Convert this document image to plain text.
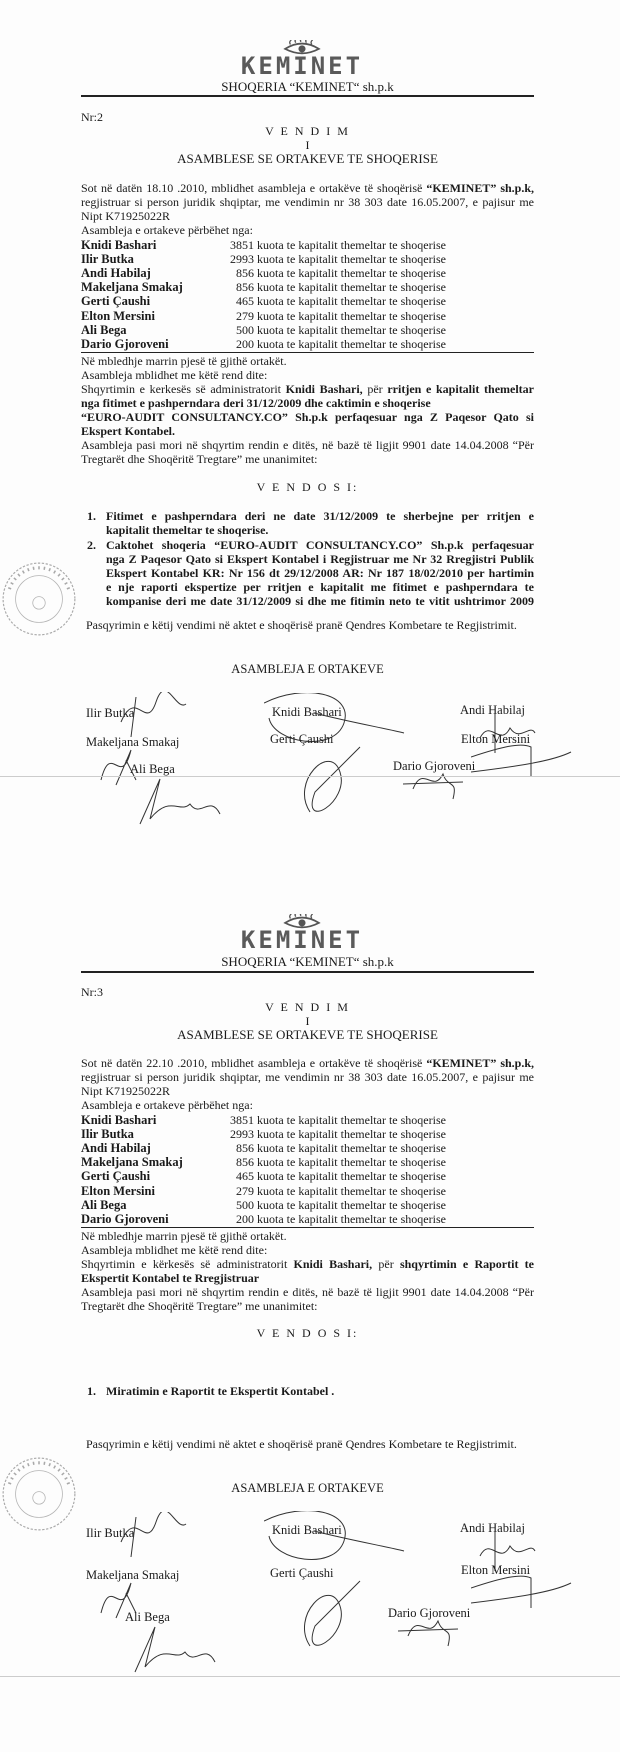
KEMINET
SHOQERIA “KEMINET“ sh.p.k
Nr:2
V E N D I M
I
ASAMBLESE SE ORTAKEVE TE SHOQERISE
Sot në datën 18.10 .2010, mblidhet asambleja e ortakëve të shoqërisë “KEMINET” sh.p.k,
regjistruar si person juridik shqiptar, me vendimin nr 38 303 date 16.05.2007, e pajisur me
Nipt K71925022R
Asambleja e ortakeve përbëhet nga:
Knidi Bashari	3851 kuota te kapitalit themeltar te shoqerise
Ilir Butka	2993 kuota te kapitalit themeltar te shoqerise
Andi Habilaj	856 kuota te kapitalit themeltar te shoqerise
Makeljana Smakaj	856 kuota te kapitalit themeltar te shoqerise
Gerti Çaushi	465 kuota te kapitalit themeltar te shoqerise
Elton Mersini	279 kuota te kapitalit themeltar te shoqerise
Ali Bega	500 kuota te kapitalit themeltar te shoqerise
Dario Gjoroveni	200 kuota te kapitalit themeltar te shoqerise
Në mbledhje marrin pjesë të gjithë ortakët.
Asambleja mblidhet me këtë rend dite:
Shqyrtimin e kerkesës së administratorit Knidi Bashari, për rritjen e kapitalit themeltar
nga fitimet e pashperndara deri 31/12/2009 dhe caktimin e shoqerise
“EURO-AUDIT CONSULTANCY.CO” Sh.p.k perfaqesuar nga Z Paqesor Qato si
Ekspert Kontabel.
Asambleja pasi mori në shqyrtim rendin e ditës, në bazë të ligjit 9901 date 14.04.2008 “Për
Tregtarët dhe Shoqëritë Tregtare” me unanimitet:
V E N D O S I:
1. Fitimet e pashperndara deri ne date 31/12/2009 te sherbejne per rritjen e
kapitalit themeltar te shoqerise.
2. Caktohet shoqeria “EURO-AUDIT CONSULTANCY.CO” Sh.p.k perfaqesuar
nga Z Paqesor Qato si Ekspert Kontabel i Regjistruar me Nr 32 Rregjistri Publik
Ekspert Kontabel KR: Nr 156 dt 29/12/2008 AR: Nr 187 18/02/2010 per hartimin
e nje raporti ekspertize per rritjen e kapitalit me fitimet e pashperndara te
kompanise deri me date 31/12/2009 si dhe me fitimin neto te vitit ushtrimor 2009
Pasqyrimin e këtij vendimi në aktet e shoqërisë pranë Qendres Kombetare te Regjistrimit.
ASAMBLEJA E ORTAKEVE
Ilir Butka	Knidi Bashari	Andi Habilaj
Makeljana Smakaj	Gerti Çaushi	Elton Mersini
Ali Bega	Dario Gjoroveni
KEMINET
SHOQERIA “KEMINET“ sh.p.k
Nr:3
V E N D I M
I
ASAMBLESE SE ORTAKEVE TE SHOQERISE
Sot në datën 22.10 .2010, mblidhet asambleja e ortakëve të shoqërisë “KEMINET” sh.p.k,
regjistruar si person juridik shqiptar, me vendimin nr 38 303 date 16.05.2007, e pajisur me
Nipt K71925022R
Asambleja e ortakeve përbëhet nga:
Knidi Bashari	3851 kuota te kapitalit themeltar te shoqerise
Ilir Butka	2993 kuota te kapitalit themeltar te shoqerise
Andi Habilaj	856 kuota te kapitalit themeltar te shoqerise
Makeljana Smakaj	856 kuota te kapitalit themeltar te shoqerise
Gerti Çaushi	465 kuota te kapitalit themeltar te shoqerise
Elton Mersini	279 kuota te kapitalit themeltar te shoqerise
Ali Bega	500 kuota te kapitalit themeltar te shoqerise
Dario Gjoroveni	200 kuota te kapitalit themeltar te shoqerise
Në mbledhje marrin pjesë të gjithë ortakët.
Asambleja mblidhet me këtë rend dite:
Shqyrtimin e kërkesës së administratorit Knidi Bashari, për shqyrtimin e Raportit te
Ekspertit Kontabel te Rregjistruar
Asambleja pasi mori në shqyrtim rendin e ditës, në bazë të ligjit 9901 date 14.04.2008 “Për
Tregtarët dhe Shoqëritë Tregtare” me unanimitet:
V E N D O S I:
1. Miratimin e Raportit te Ekspertit Kontabel .
Pasqyrimin e këtij vendimi në aktet e shoqërisë pranë Qendres Kombetare te Regjistrimit.
ASAMBLEJA E ORTAKEVE
Ilir Butka	Knidi Bashari	Andi Habilaj
Makeljana Smakaj	Gerti Çaushi	Elton Mersini
Ali Bega	Dario Gjoroveni
